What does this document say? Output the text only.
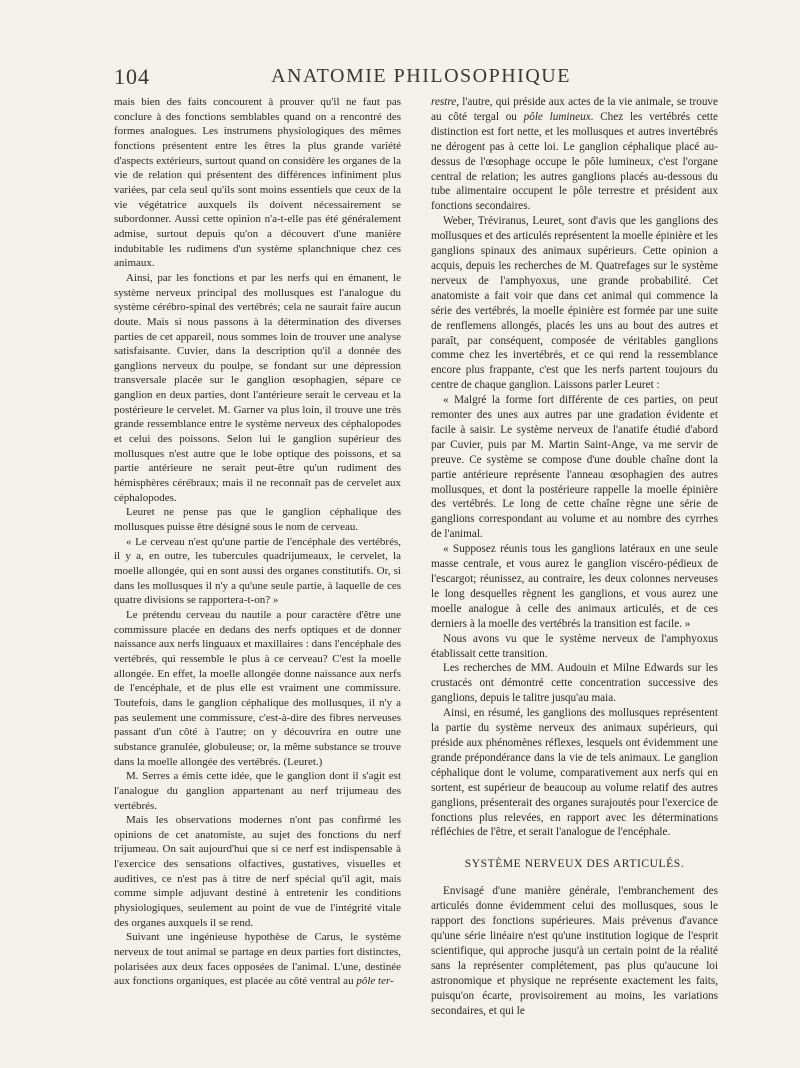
104	ANATOMIE PHILOSOPHIQUE

mais bien des faits concourent à prouver qu'il ne faut pas conclure à des fonctions semblables quand on a rencontré des formes analogues. Les instrumens physiologiques des mêmes fonctions présentent entre les êtres la plus grande variété d'aspects extérieurs, surtout quand on considère les organes de la vie de relation qui présentent des différences infiniment plus variées, par cela seul qu'ils sont moins essentiels que ceux de la vie végétatrice auxquels ils doivent nécessairement se subordonner. Aussi cette opinion n'a-t-elle pas été généralement admise, surtout depuis qu'on a découvert d'une manière indubitable les rudimens d'un système splanchnique chez ces animaux.

Ainsi, par les fonctions et par les nerfs qui en émanent, le système nerveux principal des mollusques est l'analogue du système cérébro-spinal des vertébrés; cela ne saurait faire aucun doute. Mais si nous passons à la détermination des diverses parties de cet appareil, nous sommes loin de trouver une analyse satisfaisante. Cuvier, dans la description qu'il a donnée des ganglions nerveux du poulpe, se fondant sur une dépression transversale placée sur le ganglion œsophagien, sépare ce ganglion en deux parties, dont l'antérieure serait le cerveau et la postérieure le cervelet. M. Garner va plus loin, il trouve une très grande ressemblance entre le système nerveux des céphalopodes et celui des poissons. Selon lui le ganglion supérieur des mollusques n'est autre que le lobe optique des poissons, et sa partie antérieure ne serait peut-être qu'un rudiment des hémisphères cérébraux; mais il ne reconnaît pas de cervelet aux céphalopodes.

Leuret ne pense pas que le ganglion céphalique des mollusques puisse être désigné sous le nom de cerveau.

« Le cerveau n'est qu'une partie de l'encéphale des vertébrés, il y a, en outre, les tubercules quadrijumeaux, le cervelet, la moelle allongée, qui en sont aussi des organes constitutifs. Or, si dans les mollusques il n'y a qu'une seule partie, à laquelle de ces quatre divisions se rapportera-t-on? »

Le prétendu cerveau du nautile a pour caractère d'être une commissure placée en dedans des nerfs optiques et de donner naissance aux nerfs linguaux et maxillaires : dans l'encéphale des vertébrés, qui ressemble le plus à ce cerveau? C'est la moelle allongée. En effet, la moelle allongée donne naissance aux nerfs de l'encéphale, et de plus elle est vraiment une commissure. Toutefois, dans le ganglion céphalique des mollusques, il n'y a pas seulement une commissure, c'est-à-dire des fibres nerveuses passant d'un côté à l'autre; on y découvrira en outre une substance granulée, globuleuse; or, la même substance se trouve dans la moelle allongée des vertébrés. (Leuret.)

M. Serres a émis cette idée, que le ganglion dont il s'agit est l'analogue du ganglion appartenant au nerf trijumeau des vertébrés.

Mais les observations modernes n'ont pas confirmé les opinions de cet anatomiste, au sujet des fonctions du nerf trijumeau. On sait aujourd'hui que si ce nerf est indispensable à l'exercice des sensations olfactives, gustatives, visuelles et auditives, ce n'est pas à titre de nerf spécial qu'il agit, mais comme simple adjuvant destiné à entretenir les conditions physiologiques, seulement au point de vue de l'intégrité vitale des organes auxquels il se rend.

Suivant une ingénieuse hypothèse de Carus, le système nerveux de tout animal se partage en deux parties fort distinctes, polarisées aux deux faces opposées de l'animal. L'une, destinée aux fonctions organiques, est placée au côté ventral au pôle ter-

restre, l'autre, qui préside aux actes de la vie animale, se trouve au côté tergal ou pôle lumineux. Chez les vertébrés cette distinction est fort nette, et les mollusques et autres invertébrés ne dérogent pas à cette loi. Le ganglion céphalique placé au-dessus de l'œsophage occupe le pôle lumineux, c'est l'organe central de relation; les autres ganglions placés au-dessous du tube alimentaire occupent le pôle terrestre et président aux fonctions secondaires.

Weber, Tréviranus, Leuret, sont d'avis que les ganglions des mollusques et des articulés représentent la moelle épinière et les ganglions spinaux des animaux supérieurs. Cette opinion a acquis, depuis les recherches de M. Quatrefages sur le système nerveux de l'amphyoxus, une grande probabilité. Cet anatomiste a fait voir que dans cet animal qui commence la série des vertébrés, la moelle épinière est formée par une suite de renflemens allongés, placés les uns au bout des autres et paraît, par conséquent, composée de véritables ganglions comme chez les invertébrés, et ce qui rend la ressemblance encore plus frappante, c'est que les nerfs partent toujours du centre de chaque ganglion. Laissons parler Leuret :

« Malgré la forme fort différente de ces parties, on peut remonter des unes aux autres par une gradation évidente et facile à saisir. Le système nerveux de l'anatife étudié d'abord par Cuvier, puis par M. Martin Saint-Ange, va me servir de preuve. Ce système se compose d'une double chaîne dont la partie antérieure représente l'anneau œsophagien des autres mollusques, et dont la postérieure rappelle la moelle épinière des vertébrés. Le long de cette chaîne règne une série de ganglions correspondant au volume et au nombre des cyrrhes de l'animal.

« Supposez réunis tous les ganglions latéraux en une seule masse centrale, et vous aurez le ganglion viscéro-pédieux de l'escargot; réunissez, au contraire, les deux colonnes nerveuses le long desquelles règnent les ganglions, et vous aurez une moelle analogue à celle des animaux articulés, et de ces derniers à la moelle des vertébrés la transition est facile. »

Nous avons vu que le système nerveux de l'amphyoxus établissait cette transition.

Les recherches de MM. Audouin et Milne Edwards sur les crustacés ont démontré cette concentration successive des ganglions, depuis le talitre jusqu'au maia.

Ainsi, en résumé, les ganglions des mollusques représentent la partie du système nerveux des animaux supérieurs, qui préside aux phénomènes réflexes, lesquels ont évidemment une grande prépondérance dans la vie de tels animaux. Le ganglion céphalique dont le volume, comparativement aux nerfs qui en sortent, est supérieur de beaucoup au volume relatif des autres ganglions, présenterait des organes surajoutés pour l'exercice de fonctions plus relevées, en rapport avec les déterminations réfléchies de l'être, et serait l'analogue de l'encéphale.

SYSTÈME NERVEUX DES ARTICULÉS.

Envisagé d'une manière générale, l'embranchement des articulés donne évidemment celui des mollusques, sous le rapport des fonctions supérieures. Mais prévenus d'avance qu'une série linéaire n'est qu'une institution logique de l'esprit scientifique, qui approche jusqu'à un certain point de la réalité sans la représenter complétement, pas plus qu'aucune loi astronomique et physique ne représente exactement les faits, puisqu'on écarte, provisoirement au moins, les variations secondaires, et qui le
